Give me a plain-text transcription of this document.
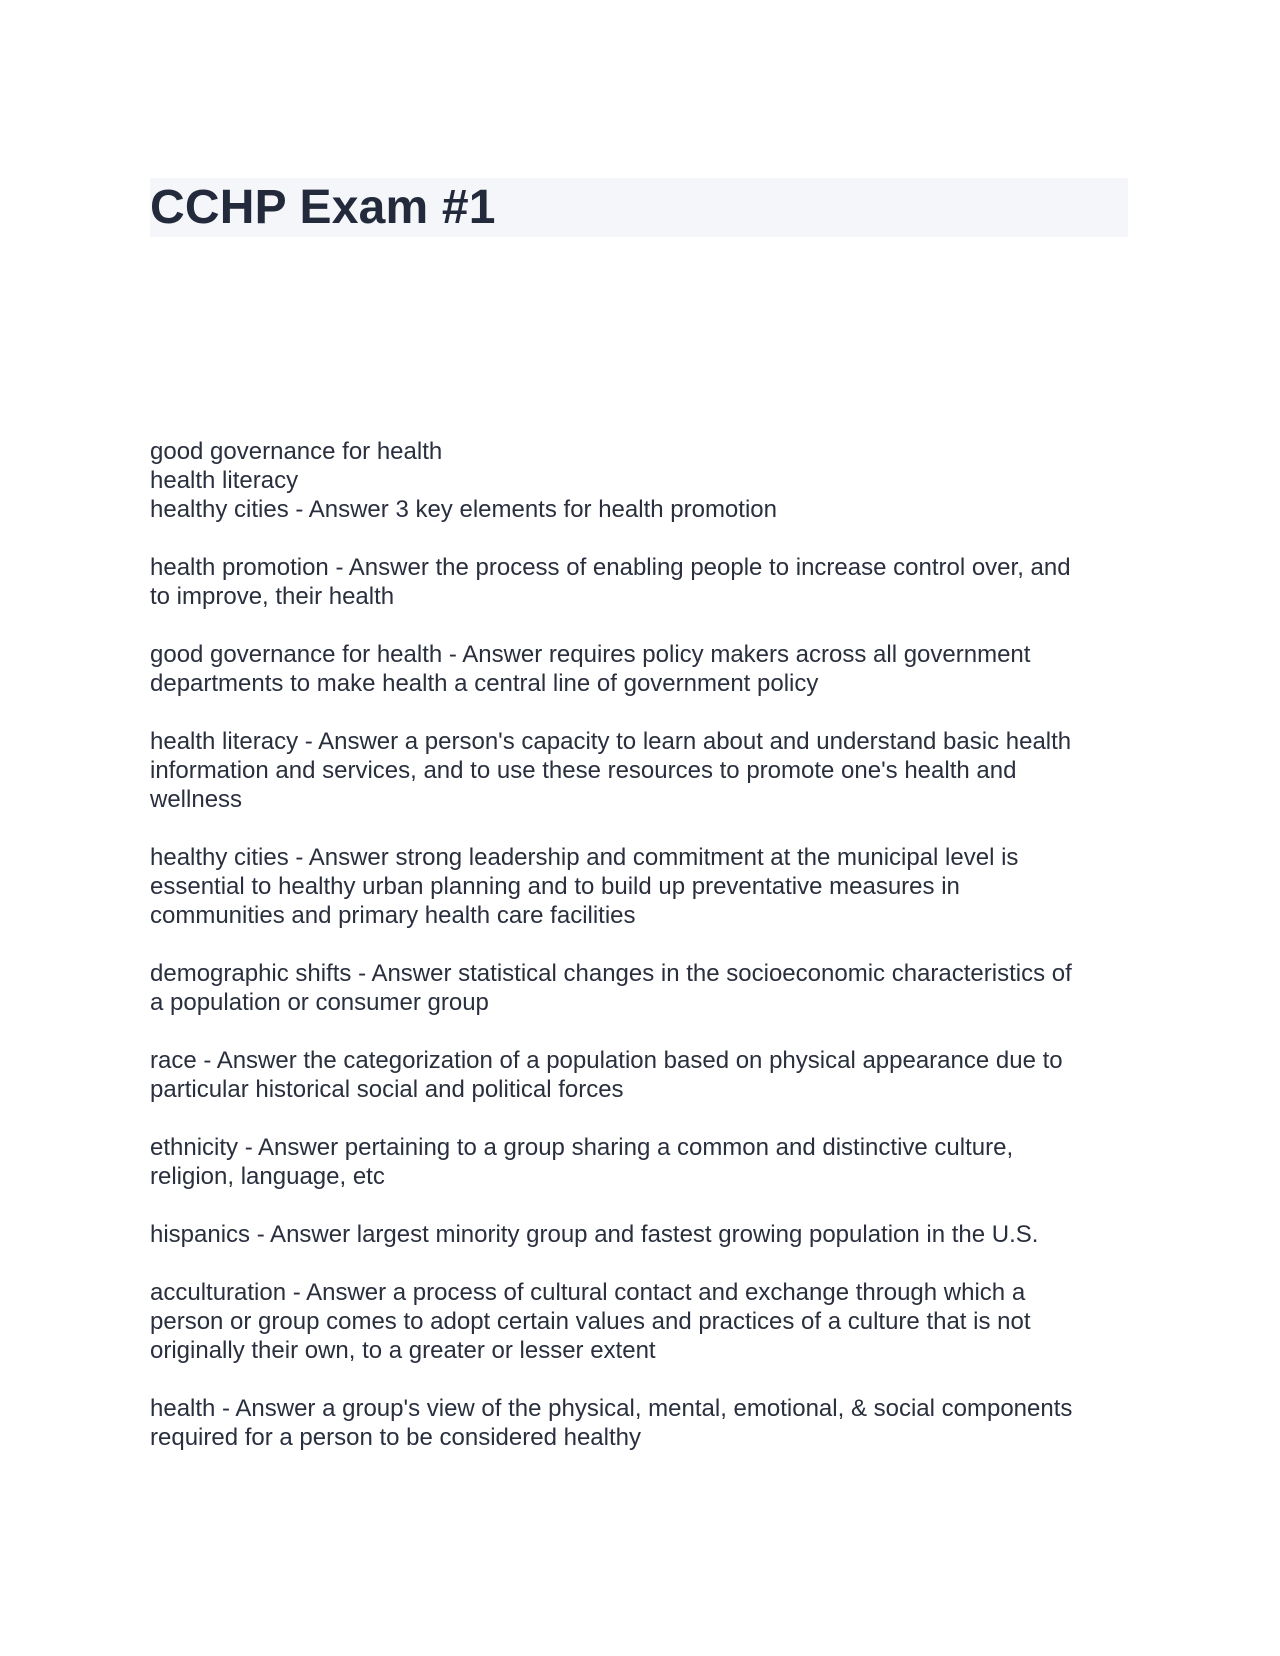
CCHP Exam #1

good governance for health
health literacy
healthy cities - Answer 3 key elements for health promotion

health promotion - Answer the process of enabling people to increase control over, and
to improve, their health

good governance for health - Answer requires policy makers across all government
departments to make health a central line of government policy

health literacy - Answer a person's capacity to learn about and understand basic health
information and services, and to use these resources to promote one's health and
wellness

healthy cities - Answer strong leadership and commitment at the municipal level is
essential to healthy urban planning and to build up preventative measures in
communities and primary health care facilities

demographic shifts - Answer statistical changes in the socioeconomic characteristics of
a population or consumer group

race - Answer the categorization of a population based on physical appearance due to
particular historical social and political forces

ethnicity - Answer pertaining to a group sharing a common and distinctive culture,
religion, language, etc

hispanics - Answer largest minority group and fastest growing population in the U.S.

acculturation - Answer a process of cultural contact and exchange through which a
person or group comes to adopt certain values and practices of a culture that is not
originally their own, to a greater or lesser extent

health - Answer a group's view of the physical, mental, emotional, & social components
required for a person to be considered healthy
